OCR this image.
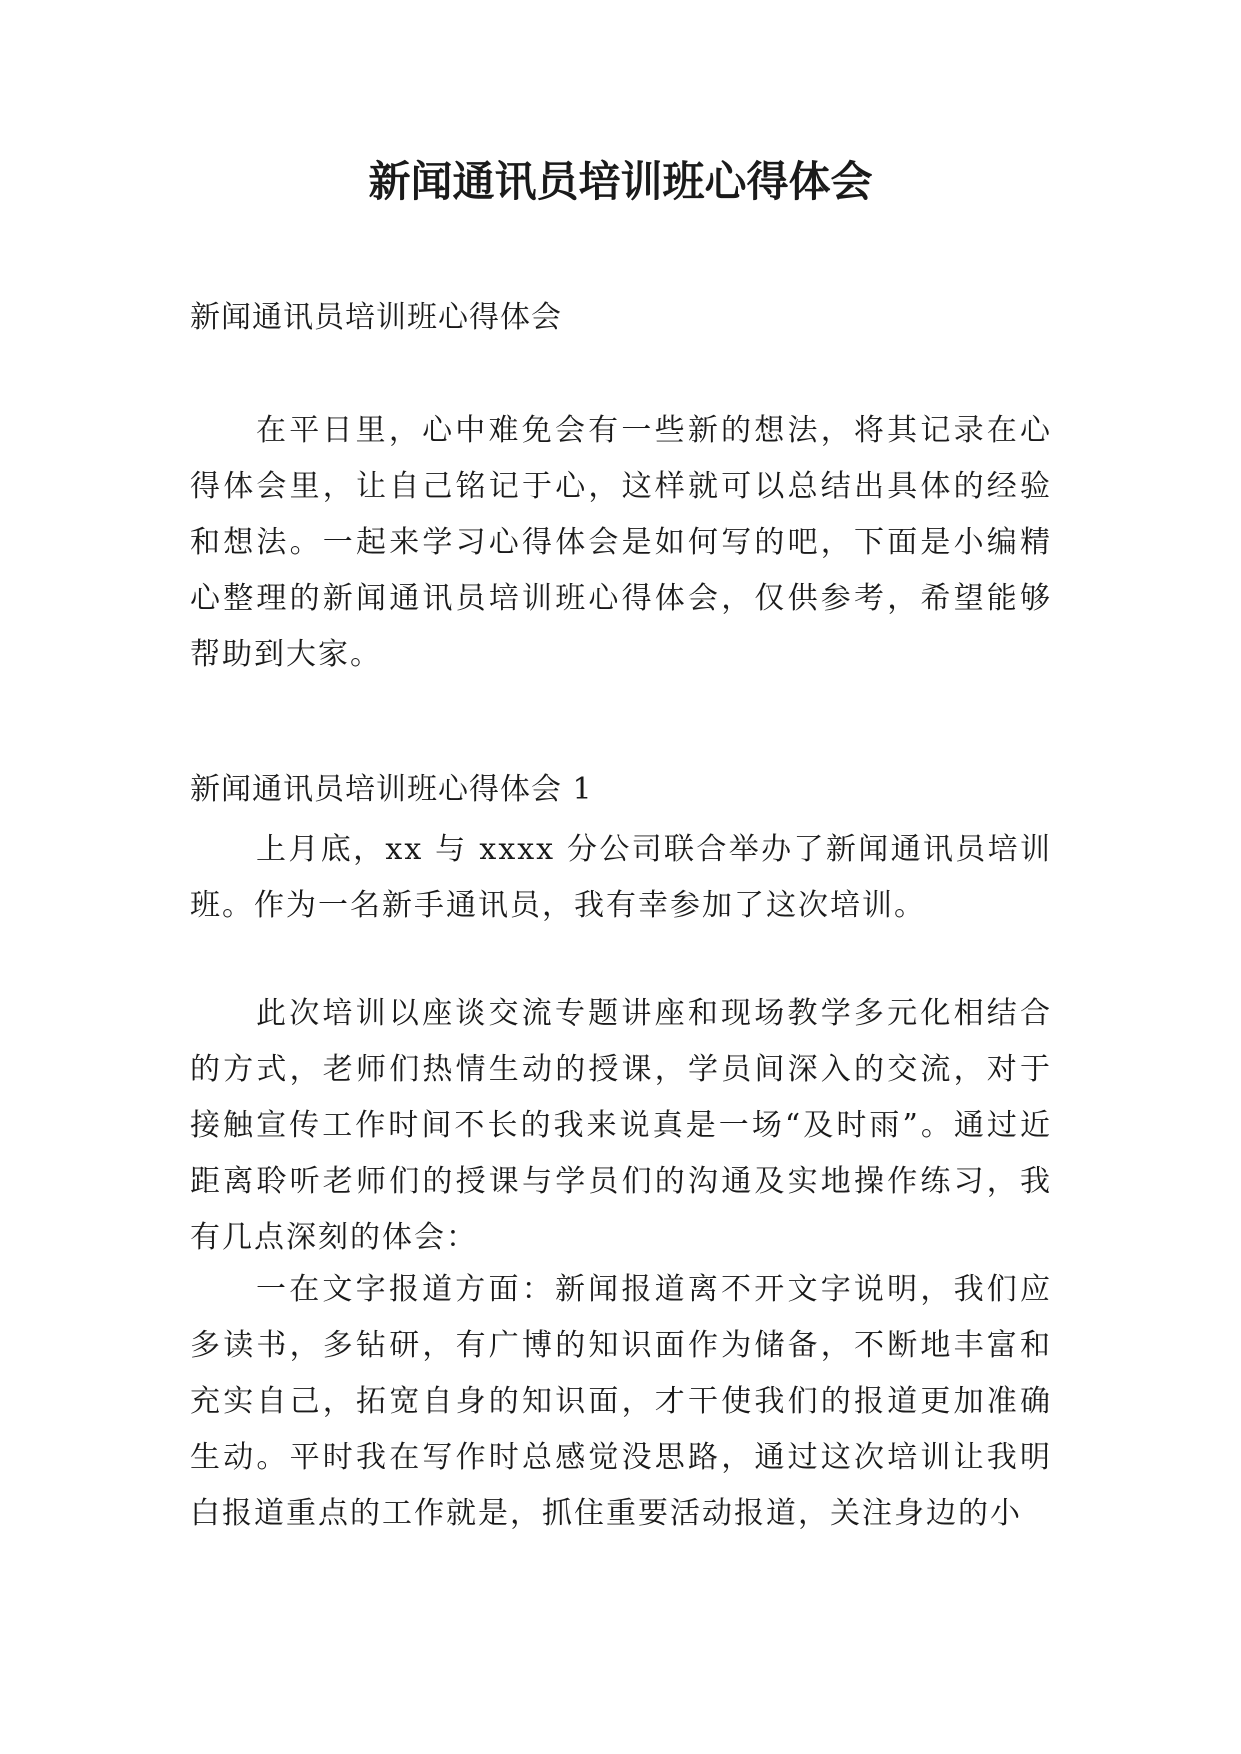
新闻通讯员培训班心得体会

新闻通讯员培训班心得体会

在平日里，心中难免会有一些新的想法，将其记录在心得体会里，让自己铭记于心，这样就可以总结出具体的经验和想法。一起来学习心得体会是如何写的吧，下面是小编精心整理的新闻通讯员培训班心得体会，仅供参考，希望能够帮助到大家。

新闻通讯员培训班心得体会 1

上月底，xx 与 xxxx 分公司联合举办了新闻通讯员培训班。作为一名新手通讯员，我有幸参加了这次培训。

此次培训以座谈交流专题讲座和现场教学多元化相结合的方式，老师们热情生动的授课，学员间深入的交流，对于接触宣传工作时间不长的我来说真是一场“及时雨”。通过近距离聆听老师们的授课与学员们的沟通及实地操作练习，我有几点深刻的体会：

一在文字报道方面：新闻报道离不开文字说明，我们应多读书，多钻研，有广博的知识面作为储备，不断地丰富和充实自己，拓宽自身的知识面，才干使我们的报道更加准确生动。平时我在写作时总感觉没思路，通过这次培训让我明白报道重点的工作就是，抓住重要活动报道，关注身边的小
